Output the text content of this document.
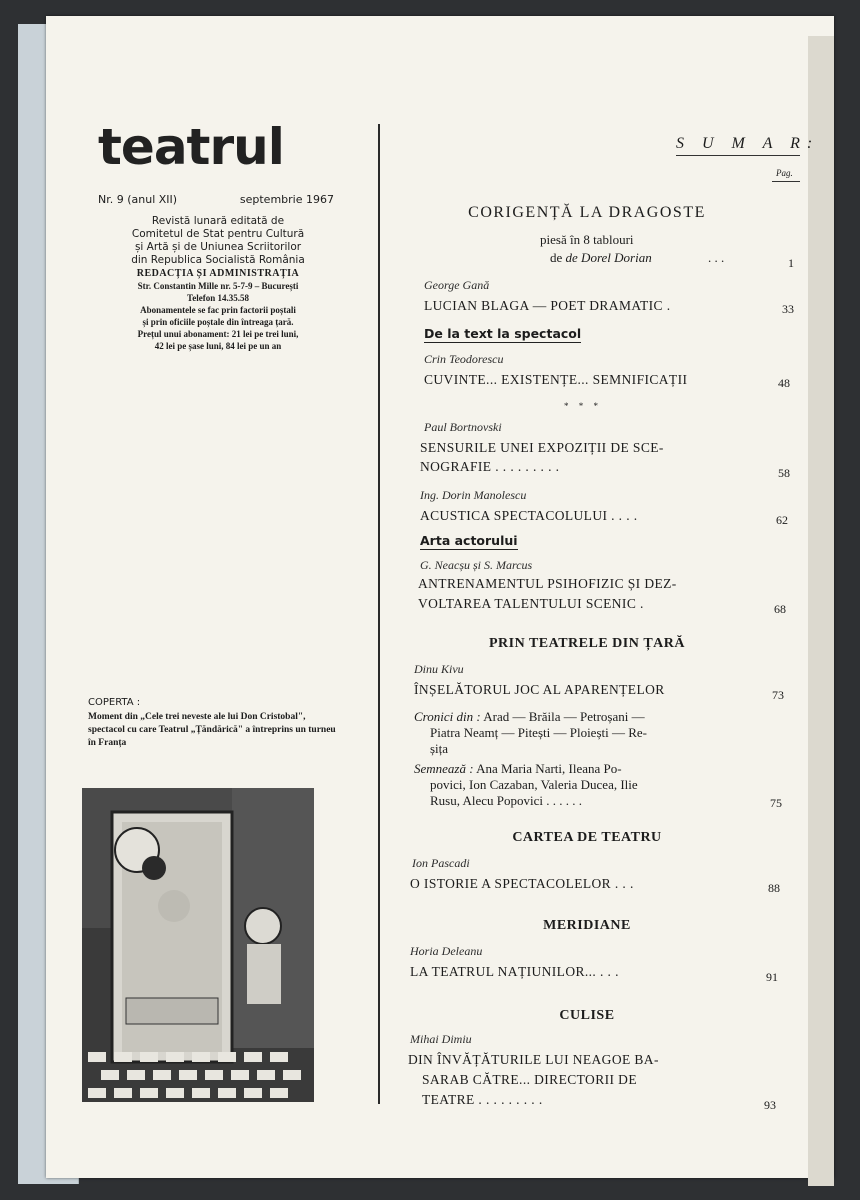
teatrul
Nr. 9 (anul XII)	septembrie 1967
Revistă lunară editată de
Comitetul de Stat pentru Cultură
și Artă și de Uniunea Scriitorilor
din Republica Socialistă România
REDACȚIA ȘI ADMINISTRAȚIA
Str. Constantin Mille nr. 5-7-9 – București
Telefon 14.35.58
Abonamentele se fac prin factorii poștali
și prin oficiile poștale din întreaga țară.
Prețul unui abonament: 21 lei pe trei luni,
42 lei pe șase luni, 84 lei pe un an
COPERTA :
Moment din „Cele trei neveste ale lui Don Cristobal", spectacol cu care Teatrul „Țăndărică" a întreprins un turneu în Franța
S U M A R:
Pag.
CORIGENȚĂ LA DRAGOSTE
piesă în 8 tablouri
de de Dorel Dorian	. . .	1
George Gană
LUCIAN BLAGA — POET DRAMATIC .	33
De la text la spectacol
Crin Teodorescu
CUVINTE... EXISTENȚE... SEMNIFICAȚII	48
* * *
Paul Bortnovski
SENSURILE UNEI EXPOZIȚII DE SCE-
NOGRAFIE . . . . . . . . .	58
Ing. Dorin Manolescu
ACUSTICA SPECTACOLULUI . . . .	62
Arta actorului
G. Neacșu și S. Marcus
ANTRENAMENTUL PSIHOFIZIC ȘI DEZ-
VOLTAREA TALENTULUI SCENIC .	68
PRIN TEATRELE DIN ȚARĂ
Dinu Kivu
ÎNȘELĂTORUL JOC AL APARENȚELOR	73
Cronici din : Arad — Brăila — Petroșani —
Piatra Neamț — Pitești — Ploiești — Re-
șița
Semnează : Ana Maria Narti, Ileana Po-
povici, Ion Cazaban, Valeria Ducea, Ilie
Rusu, Alecu Popovici . . . . . .	75
CARTEA DE TEATRU
Ion Pascadi
O ISTORIE A SPECTACOLELOR . . .	88
MERIDIANE
Horia Deleanu
LA TEATRUL NAȚIUNILOR... . . .	91
CULISE
Mihai Dimiu
DIN ÎNVĂȚĂTURILE LUI NEAGOE BA-
SARAB CĂTRE... DIRECTORII DE
TEATRE . . . . . . . . .	93
